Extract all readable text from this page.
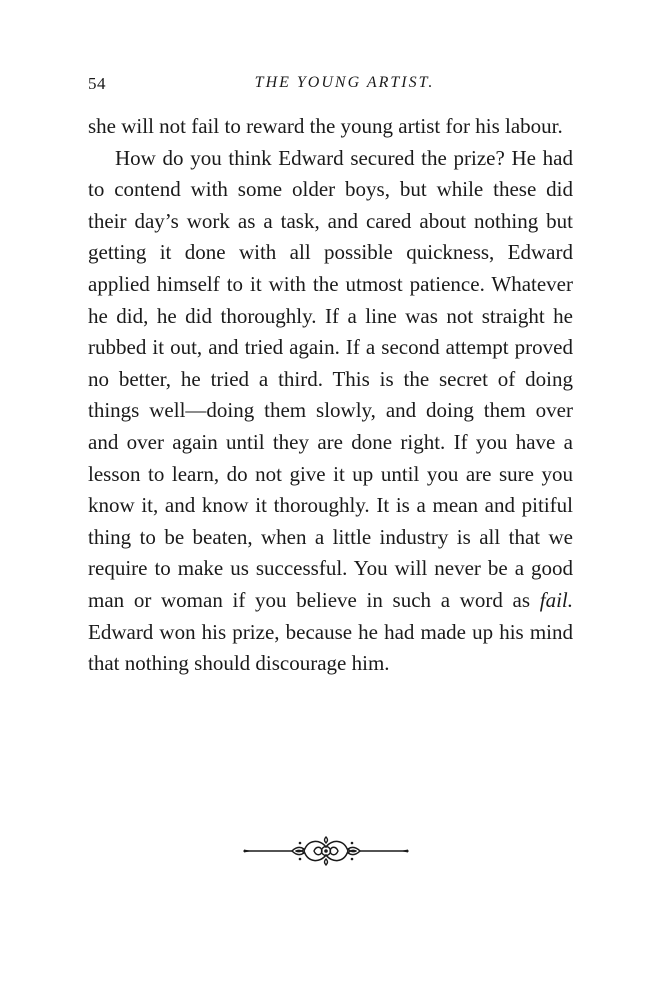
54	THE YOUNG ARTIST.

she will not fail to reward the young artist for his labour.

How do you think Edward secured the prize? He had to contend with some older boys, but while these did their day’s work as a task, and cared about nothing but getting it done with all possible quickness, Edward applied himself to it with the utmost patience. Whatever he did, he did thoroughly. If a line was not straight he rubbed it out, and tried again. If a second attempt proved no better, he tried a third. This is the secret of doing things well—doing them slowly, and doing them over and over again until they are done right. If you have a lesson to learn, do not give it up until you are sure you know it, and know it thoroughly. It is a mean and pitiful thing to be beaten, when a little industry is all that we require to make us successful. You will never be a good man or woman if you believe in such a word as fail. Edward won his prize, because he had made up his mind that nothing should discourage him.
